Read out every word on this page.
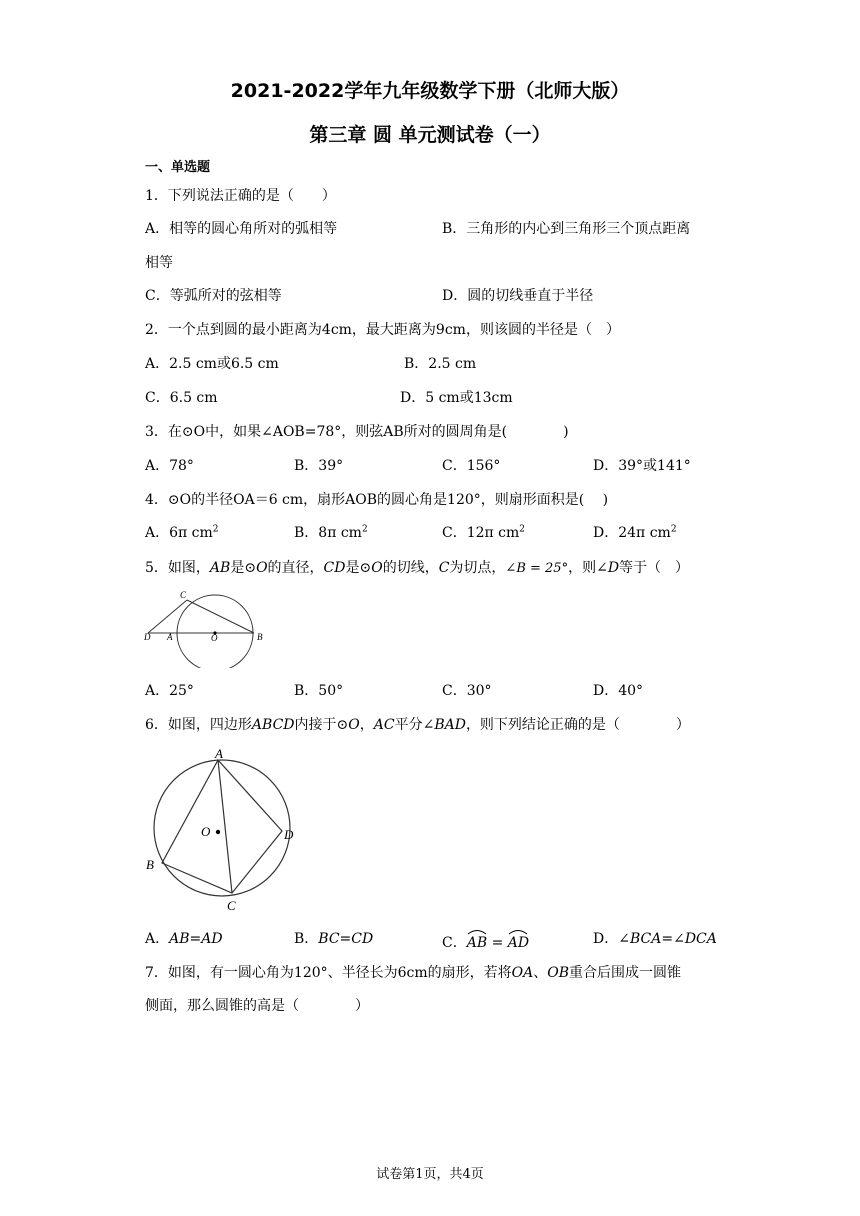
2021-2022学年九年级数学下册（北师大版）
第三章 圆 单元测试卷（一）
一、单选题
1．下列说法正确的是（　　）
A．相等的圆心角所对的弧相等	B．三角形的内心到三角形三个顶点距离
相等
C．等弧所对的弦相等	D．圆的切线垂直于半径
2．一个点到圆的最小距离为4cm，最大距离为9cm，则该圆的半径是（　）
A．2.5 cm或6.5 cm	B．2.5 cm
C．6.5 cm	D．5 cm或13cm
3．在⊙O中，如果∠AOB=78°，则弦AB所对的圆周角是(　　　　)
A．78°	B．39°	C．156°	D．39°或141°
4．⊙O的半径OA＝6 cm，扇形AOB的圆心角是120°，则扇形面积是(　 )
A．6π $cm^2$	B．8π $cm^2$	C．12π $cm^2$	D．24π $cm^2$
5．如图，AB是⊙O的直径，CD是⊙O的切线，C为切点，∠B = 25°，则∠D等于（　）
C
D A	O	B
A．25°	B．50°	C．30°	D．40°
6．如图，四边形ABCD内接于⊙O，AC平分∠BAD，则下列结论正确的是（　　　　）
A
B
C
D
O
A．AB=AD	B．BC=CD	C．
AB =
AD	D．∠BCA=∠DCA
7．如图，有一圆心角为120°、半径长为6cm的扇形，若将OA、OB重合后围成一圆锥
侧面，那么圆锥的高是（　　　　）
试卷第1页，共4页
